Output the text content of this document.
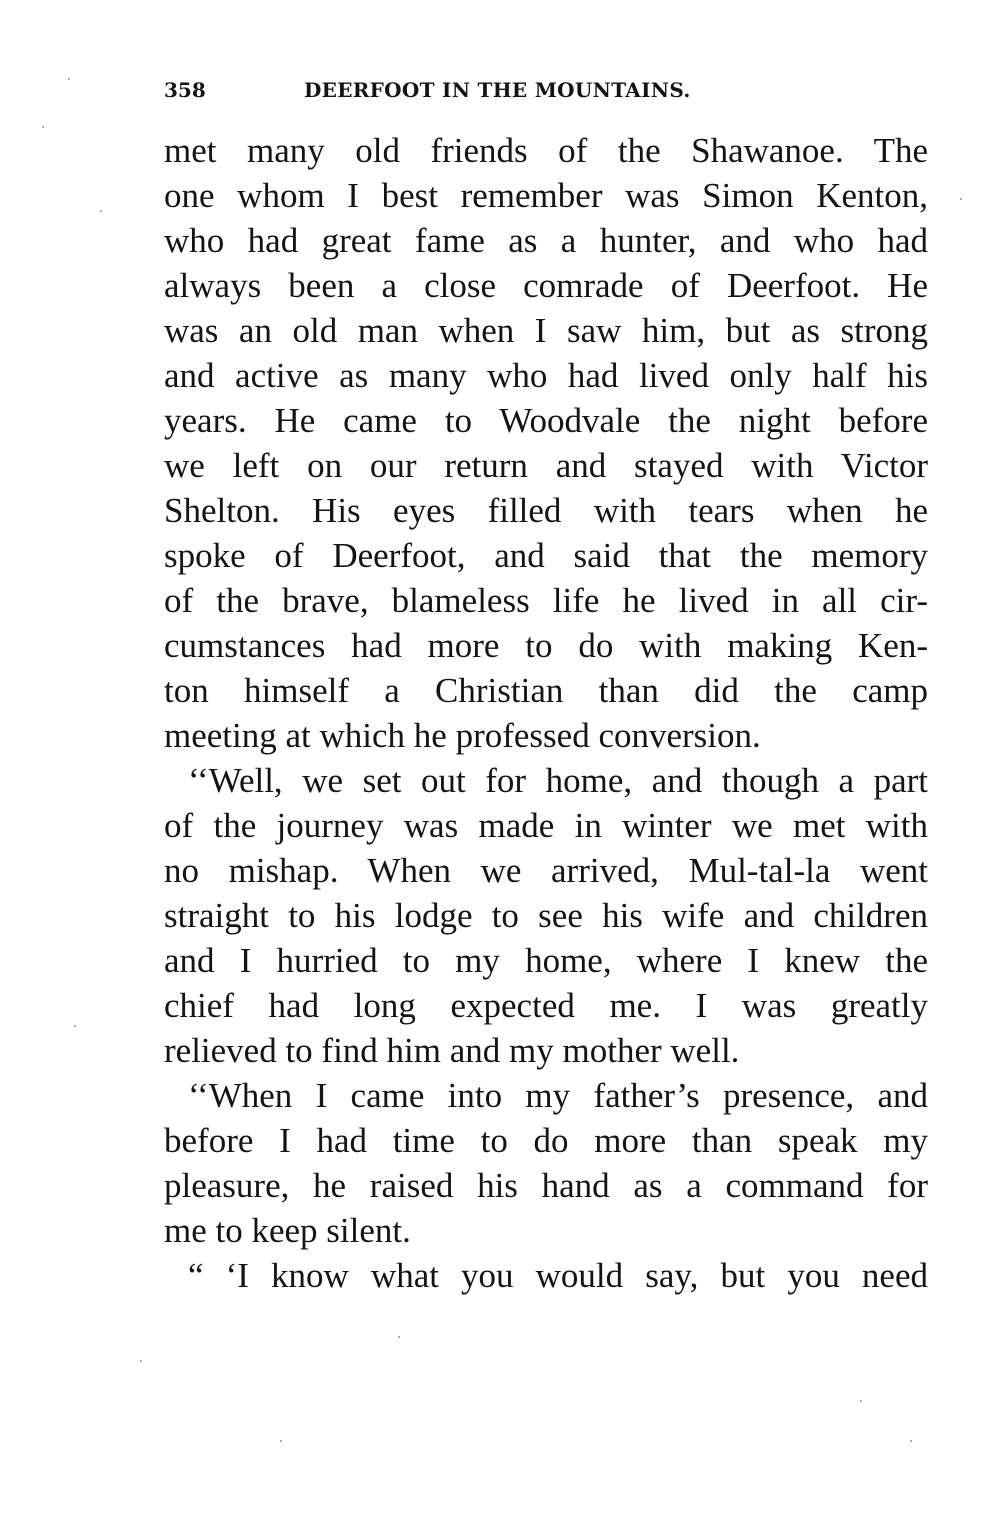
358	DEERFOOT IN THE MOUNTAINS.
met many old friends of the Shawanoe. The
one whom I best remember was Simon Kenton,
who had great fame as a hunter, and who had
always been a close comrade of Deerfoot. He
was an old man when I saw him, but as strong
and active as many who had lived only half his
years. He came to Woodvale the night before
we left on our return and stayed with Victor
Shelton. His eyes filled with tears when he
spoke of Deerfoot, and said that the memory
of the brave, blameless life he lived in all cir-
cumstances had more to do with making Ken-
ton himself a Christian than did the camp
meeting at which he professed conversion.
‘‘Well, we set out for home, and though a part
of the journey was made in winter we met with
no mishap. When we arrived, Mul-tal-la went
straight to his lodge to see his wife and children
and I hurried to my home, where I knew the
chief had long expected me. I was greatly
relieved to find him and my mother well.
‘‘When I came into my father’s presence, and
before I had time to do more than speak my
pleasure, he raised his hand as a command for
me to keep silent.
“ ‘I know what you would say, but you need
